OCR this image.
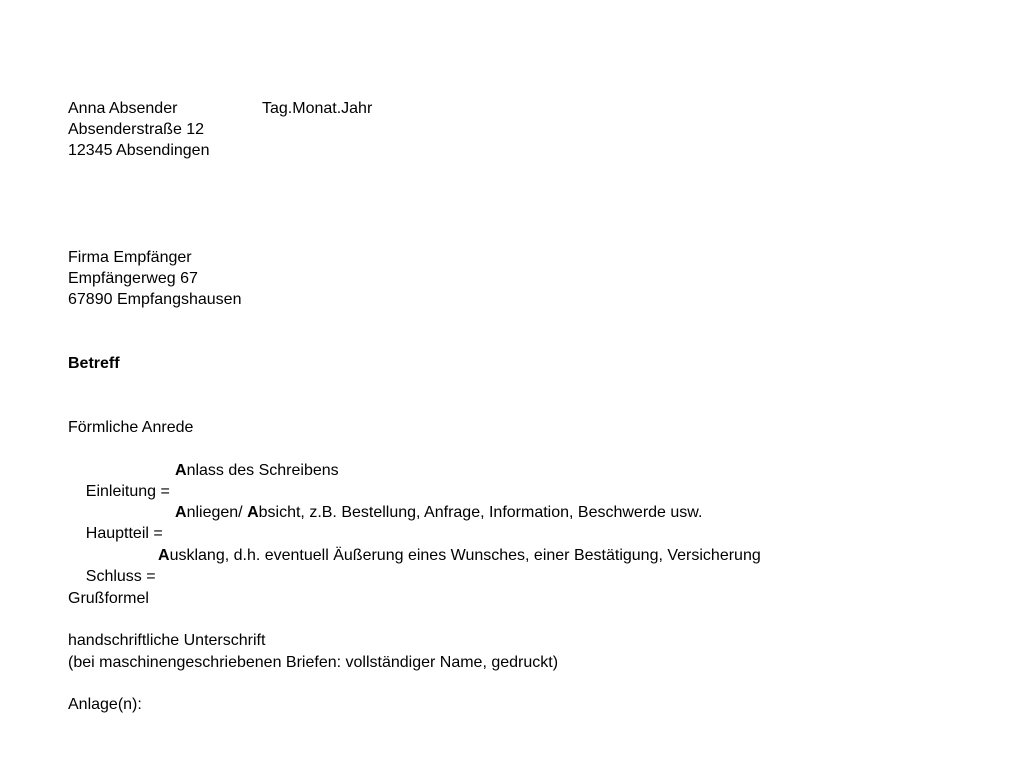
Anna Absender	Tag.Monat.Jahr
Absenderstraße 12
12345 Absendingen
Firma Empfänger
Empfängerweg 67
67890 Empfangshausen
Betreff
Förmliche Anrede

Einleitung =

Anlass des Schreibens

Hauptteil =

Anliegen/ Absicht, z.B. Bestellung, Anfrage, Information, Beschwerde usw.

Schluss =

Ausklang, d.h. eventuell Äußerung eines Wunsches, einer Bestätigung, Versicherung

Grußformel
handschriftliche Unterschrift
(bei maschinengeschriebenen Briefen: vollständiger Name, gedruckt)
Anlage(n):
